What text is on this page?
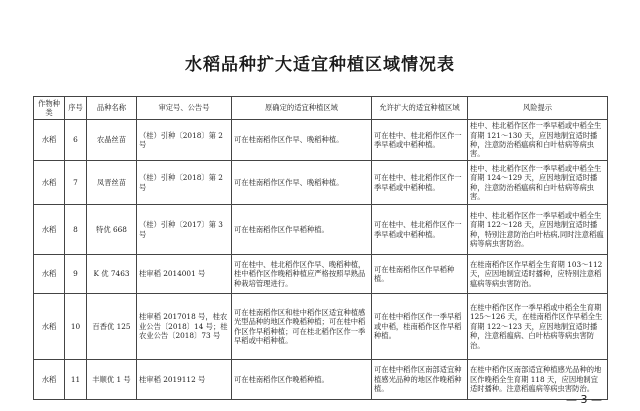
水稻品种扩大适宜种植区域情况表
作物种类	序号	品种名称	审定号、公告号	原确定的适宜种植区域	允许扩大的适宜种植区域	风险提示
水稻	6	农晶丝苗	（桂）引种〔2018〕第 2 号	可在桂南稻作区作早、晚稻种植。	可在桂中、桂北稻作区作一季早稻或中稻种植。	桂中、桂北稻作区作一季早稻或中稻全生育期 121～130 天，应因地制宜适时播种，注意防治稻瘟病和白叶枯病等病虫害。
水稻	7	凤晋丝苗	（桂）引种〔2018〕第 2 号	可在桂南稻作区作早、晚稻种植。	可在桂中、桂北稻作区作一季早稻或中稻种植。	桂中、桂北稻作区作一季早稻或中稻全生育期 124～129 天，应因地制宜适时播种，注意防治稻瘟病和白叶枯病等病虫害。
水稻	8	特优 668	（桂）引种〔2017〕第 3 号	可在桂南稻作区作早稻种植。	可在桂中、桂北稻作区作一季早稻或中稻种植。	桂中、桂北稻作区作一季早稻或中稻全生育期 122～128 天，应因地制宜适时播种，特别注意防治白叶枯病,同时注意稻瘟病等病虫害防治。
水稻	9	K 优 7463	桂审稻 2014001 号	可在桂中、桂北稻作区作早、晚稻种植，桂中稻作区作晚稻种植应严格按照早熟品种栽培管理进行。	可在桂南稻作区作早稻种植。	在桂南稻作区作早稻全生育期 103～112 天，应因地制宜适时播种，应特别注意稻瘟病等病虫害防治。
水稻	10	百香优 125	桂审稻 2017018 号，桂农业公告〔2018〕14 号；桂农业公告〔2018〕73 号	可在桂南稻作区和桂中稻作区适宜种植感光型品种的地区作晚稻种植；可在桂中稻作区作早稻种植；可在桂北稻作区作一季早稻或中稻种植。	可在桂中稻作区作一季早稻或中稻，桂南稻作区作早稻种植。	在桂中稻作区作一季早稻或中稻全生育期 125～126 天，在桂南稻作区作早稻全生育期 122～123 天，应因地制宜适时播种，注意稻瘟病、白叶枯病等病虫害防治。
水稻	11	丰顺优 1 号	桂审稻 2019112 号	可在桂南稻作区作晚稻种植。	可在桂中稻作区南部适宜种植感光品种的地区作晚稻种植。	在桂中稻作区南部适宜种植感光品种的地区作晚稻全生育期 118 天，应因地制宜适时播种。注意稻瘟病等病虫害防治。
— 3 —
